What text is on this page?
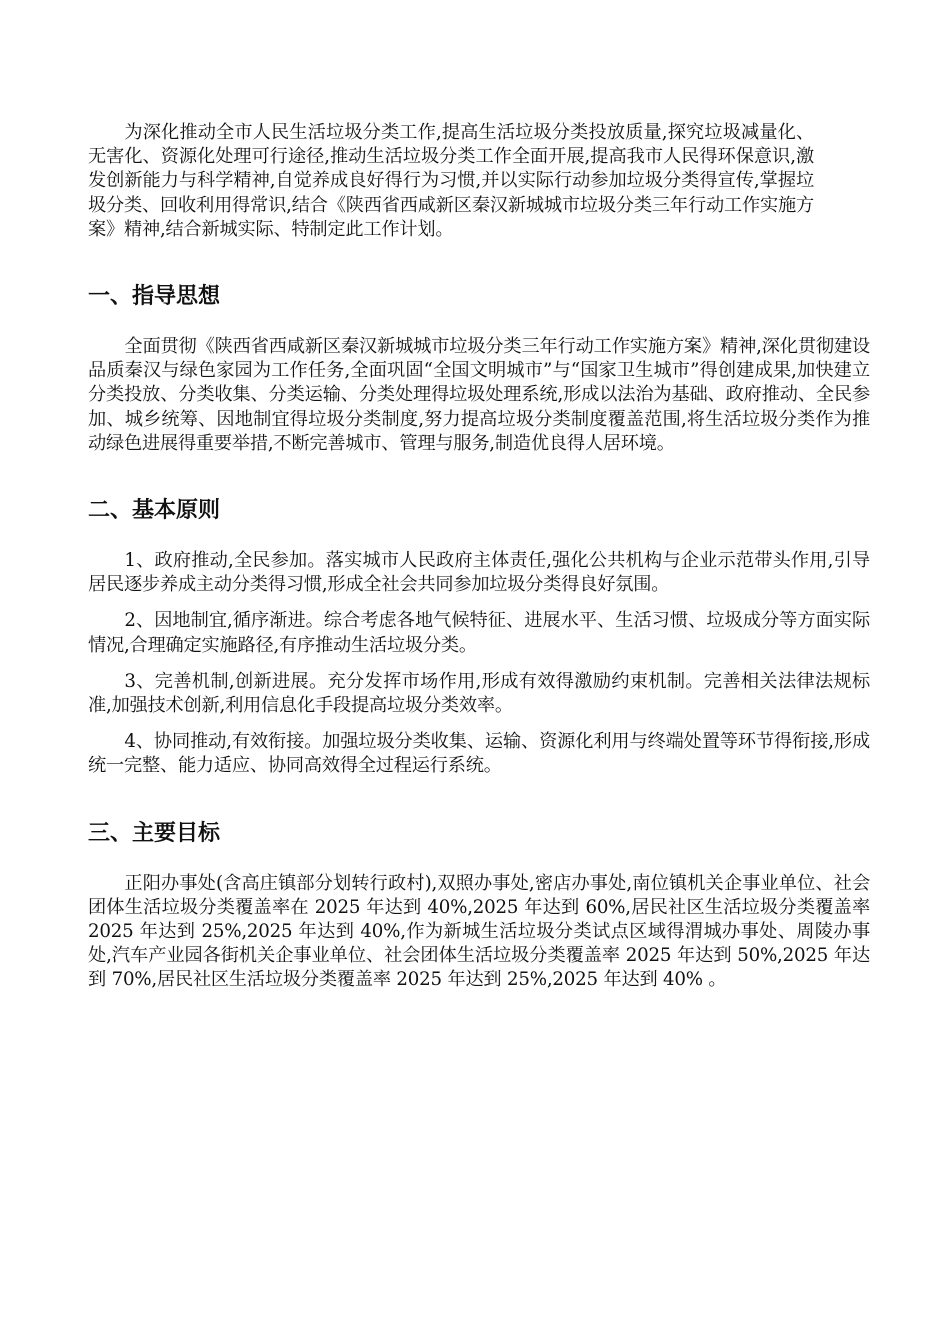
为深化推动全市人民生活垃圾分类工作,提高生活垃圾分类投放质量,探究垃圾减量化、无害化、资源化处理可行途径,推动生活垃圾分类工作全面开展,提高我市人民得环保意识,激发创新能力与科学精神,自觉养成良好得行为习惯,并以实际行动参加垃圾分类得宣传,掌握垃圾分类、回收利用得常识,结合《陕西省西咸新区秦汉新城城市垃圾分类三年行动工作实施方案》精神,结合新城实际、特制定此工作计划。

一、指导思想

全面贯彻《陕西省西咸新区秦汉新城城市垃圾分类三年行动工作实施方案》精神,深化贯彻建设品质秦汉与绿色家园为工作任务,全面巩固“全国文明城市”与“国家卫生城市”得创建成果,加快建立分类投放、分类收集、分类运输、分类处理得垃圾处理系统,形成以法治为基础、政府推动、全民参加、城乡统筹、因地制宜得垃圾分类制度,努力提高垃圾分类制度覆盖范围,将生活垃圾分类作为推动绿色进展得重要举措,不断完善城市、管理与服务,制造优良得人居环境。

二、基本原则

1、政府推动,全民参加。落实城市人民政府主体责任,强化公共机构与企业示范带头作用,引导居民逐步养成主动分类得习惯,形成全社会共同参加垃圾分类得良好氛围。

2、因地制宜,循序渐进。综合考虑各地气候特征、进展水平、生活习惯、垃圾成分等方面实际情况,合理确定实施路径,有序推动生活垃圾分类。

3、完善机制,创新进展。充分发挥市场作用,形成有效得激励约束机制。完善相关法律法规标准,加强技术创新,利用信息化手段提高垃圾分类效率。

4、协同推动,有效衔接。加强垃圾分类收集、运输、资源化利用与终端处置等环节得衔接,形成统一完整、能力适应、协同高效得全过程运行系统。

三、主要目标

正阳办事处(含高庄镇部分划转行政村),双照办事处,密店办事处,南位镇机关企事业单位、社会团体生活垃圾分类覆盖率在 2025 年达到 40%,2025 年达到 60%,居民社区生活垃圾分类覆盖率 2025 年达到 25%,2025 年达到 40%,作为新城生活垃圾分类试点区域得渭城办事处、周陵办事处,汽车产业园各街机关企事业单位、社会团体生活垃圾分类覆盖率 2025 年达到 50%,2025 年达到 70%,居民社区生活垃圾分类覆盖率 2025 年达到 25%,2025 年达到 40% 。
